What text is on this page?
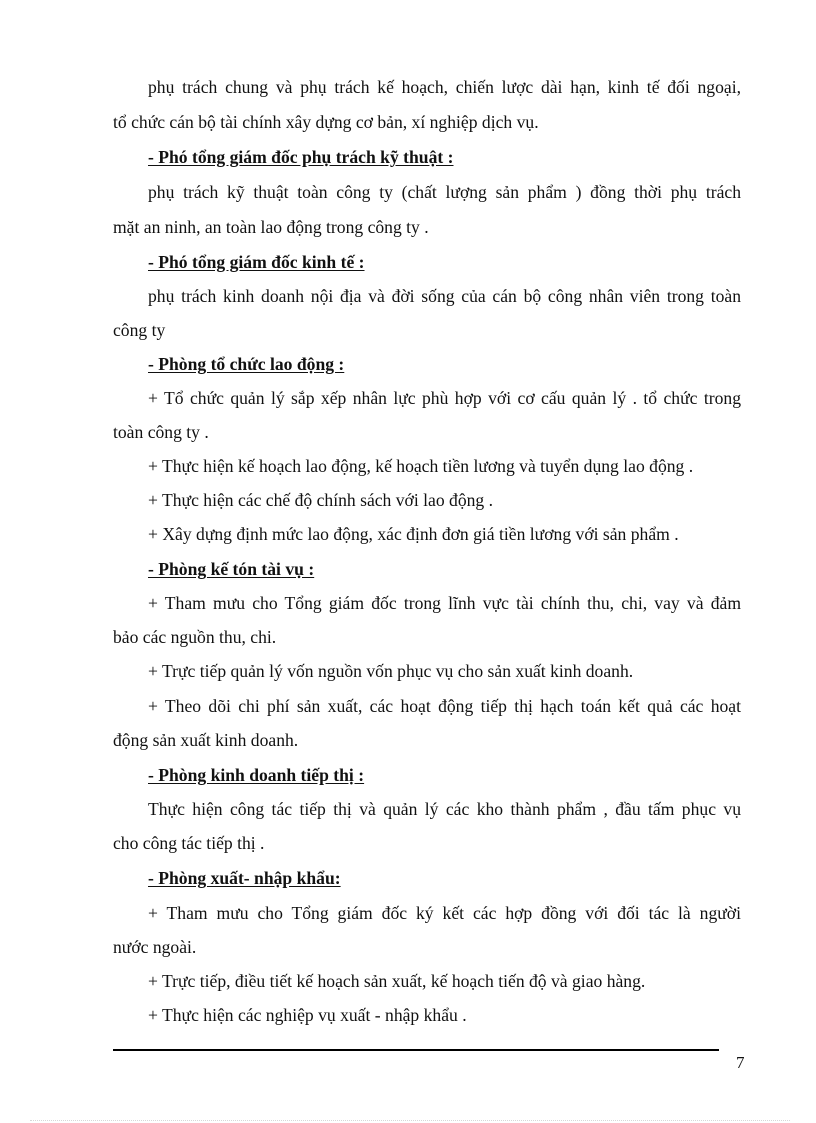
phụ trách chung và phụ trách kế hoạch, chiến lược dài hạn, kinh tế đối ngoại,
tổ chức cán bộ tài chính xây dựng cơ bản, xí nghiệp dịch vụ.
- Phó tổng giám đốc phụ trách kỹ thuật :
phụ trách kỹ thuật toàn công ty (chất lượng sản phẩm ) đồng thời phụ trách
mặt an ninh, an toàn lao động trong công ty .
- Phó tổng giám đốc kinh tế :
phụ trách kinh doanh nội địa và đời sống của cán bộ công nhân viên trong toàn
công ty
- Phòng tổ chức lao động :
+ Tổ chức quản lý sắp xếp nhân lực phù hợp với cơ cấu quản lý . tổ chức trong
toàn công ty .
+ Thực hiện kế hoạch lao động, kế hoạch tiền lương và tuyển dụng lao động .
+ Thực hiện các chế độ chính sách với lao động .
+ Xây dựng định mức lao động, xác định đơn giá tiền lương với sản phẩm .
- Phòng kế tón tài vụ :
+ Tham mưu cho Tổng giám đốc trong lĩnh vực tài chính thu, chi, vay và đảm
bảo các nguồn thu, chi.
+ Trực tiếp quản lý vốn nguồn vốn phục vụ cho sản xuất kinh doanh.
+ Theo dõi chi phí sản xuất, các hoạt động tiếp thị hạch toán kết quả các hoạt
động sản xuất kinh doanh.
- Phòng kinh doanh tiếp thị :
Thực hiện công tác tiếp thị và quản lý các kho thành phẩm , đầu tấm phục vụ
cho công tác tiếp thị .
- Phòng xuất- nhập khẩu:
+ Tham mưu cho Tổng giám đốc ký kết các hợp đồng với đối tác là người
nước ngoài.
+ Trực tiếp, điều tiết kế hoạch sản xuất, kế hoạch tiến độ và giao hàng.
+ Thực hiện các nghiệp vụ xuất - nhập khẩu .
7
